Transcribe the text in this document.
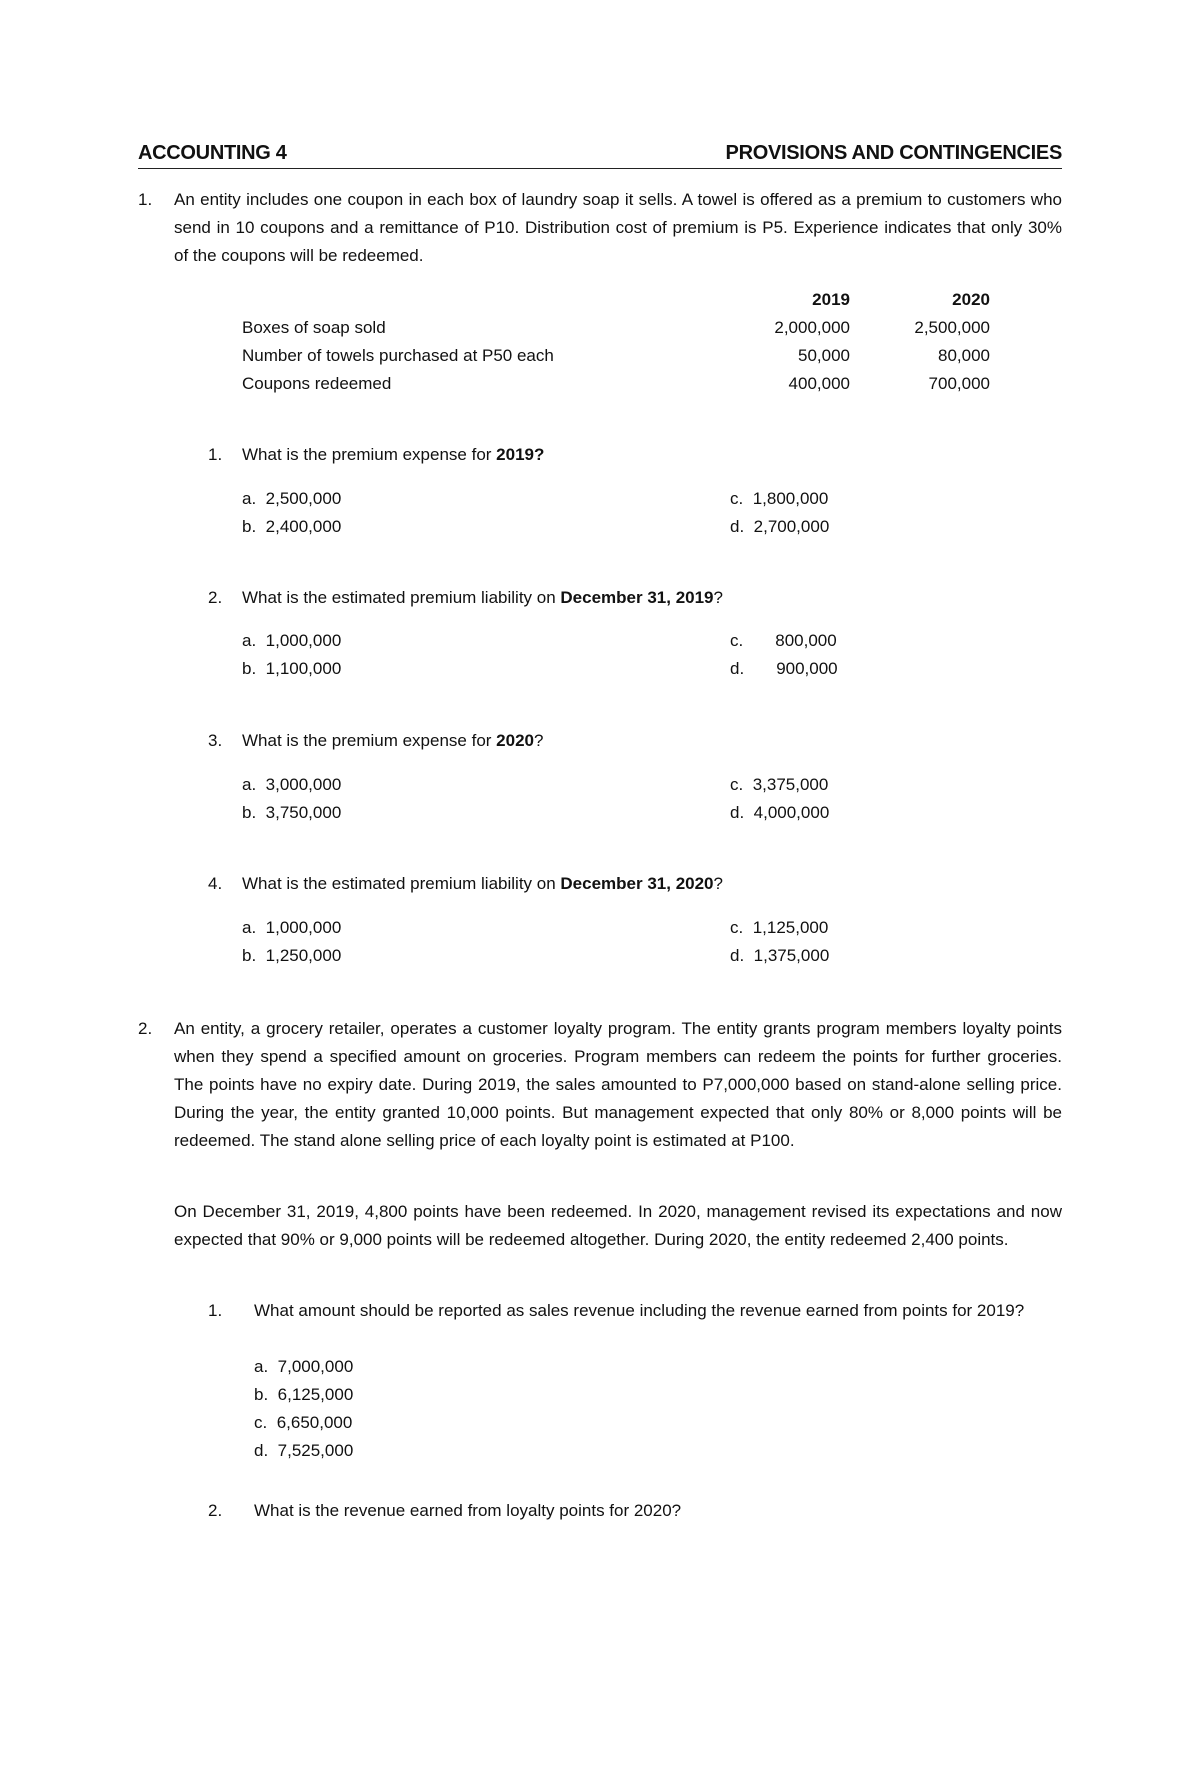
ACCOUNTING 4	PROVISIONS AND CONTINGENCIES
1. An entity includes one coupon in each box of laundry soap it sells. A towel is offered as a premium to customers who send in 10 coupons and a remittance of P10. Distribution cost of premium is P5. Experience indicates that only 30% of the coupons will be redeemed.
2019	2020
Boxes of soap sold	2,000,000	2,500,000
Number of towels purchased at P50 each	50,000	80,000
Coupons redeemed	400,000	700,000
1. What is the premium expense for 2019?
a. 2,500,000
b. 2,400,000
c. 1,800,000
d. 2,700,000
2. What is the estimated premium liability on December 31, 2019?
a. 1,000,000
b. 1,100,000
c. 800,000
d. 900,000
3. What is the premium expense for 2020?
a. 3,000,000
b. 3,750,000
c. 3,375,000
d. 4,000,000
4. What is the estimated premium liability on December 31, 2020?
a. 1,000,000
b. 1,250,000
c. 1,125,000
d. 1,375,000
2. An entity, a grocery retailer, operates a customer loyalty program. The entity grants program members loyalty points when they spend a specified amount on groceries. Program members can redeem the points for further groceries. The points have no expiry date. During 2019, the sales amounted to P7,000,000 based on stand-alone selling price. During the year, the entity granted 10,000 points. But management expected that only 80% or 8,000 points will be redeemed. The stand alone selling price of each loyalty point is estimated at P100.
On December 31, 2019, 4,800 points have been redeemed. In 2020, management revised its expectations and now expected that 90% or 9,000 points will be redeemed altogether. During 2020, the entity redeemed 2,400 points.
1. What amount should be reported as sales revenue including the revenue earned from points for 2019?
a. 7,000,000
b. 6,125,000
c. 6,650,000
d. 7,525,000
2. What is the revenue earned from loyalty points for 2020?
